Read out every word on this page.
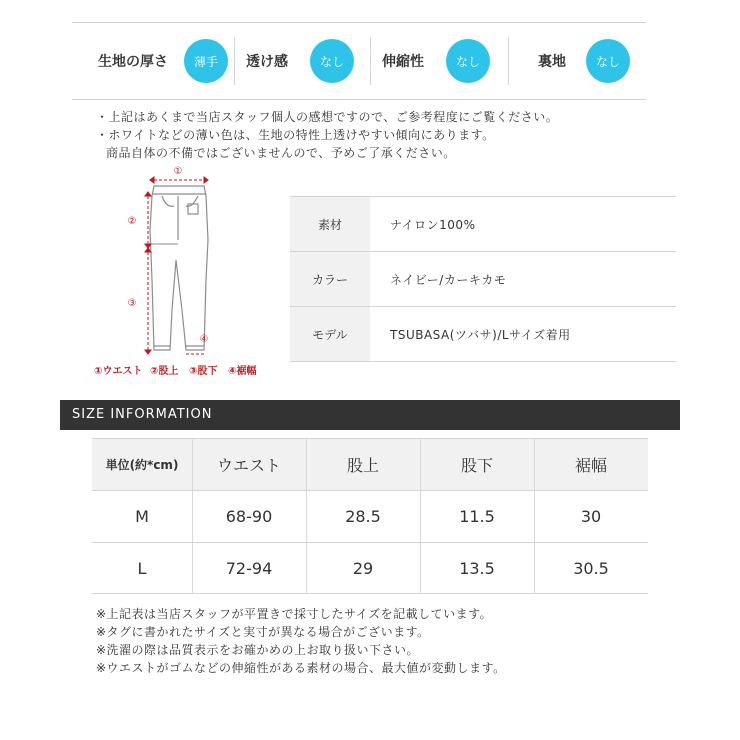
生地の厚さ	薄手	透け感	なし	伸縮性	なし	裏地	なし
・上記はあくまで当店スタッフ個人の感想ですので、ご参考程度にご覧ください。
・ホワイトなどの薄い色は、生地の特性上透けやすい傾向にあります。
商品自体の不備ではございませんので、予めご了承ください。
①
②
③
④
①ウエスト ②股上 ③股下 ④裾幅
素材	ナイロン100%
カラー	ネイビー/カーキカモ
モデル	TSUBASA(ツバサ)/Lサイズ着用
SIZE INFORMATION
単位(約*cm)	ウエスト	股上	股下	裾幅
M	68-90	28.5	11.5	30
L	72-94	29	13.5	30.5
※上記表は当店スタッフが平置きで採寸したサイズを記載しています。
※タグに書かれたサイズと実寸が異なる場合がございます。
※洗濯の際は品質表示をお確かめの上お取り扱い下さい。
※ウエストがゴムなどの伸縮性がある素材の場合、最大値が変動します。
